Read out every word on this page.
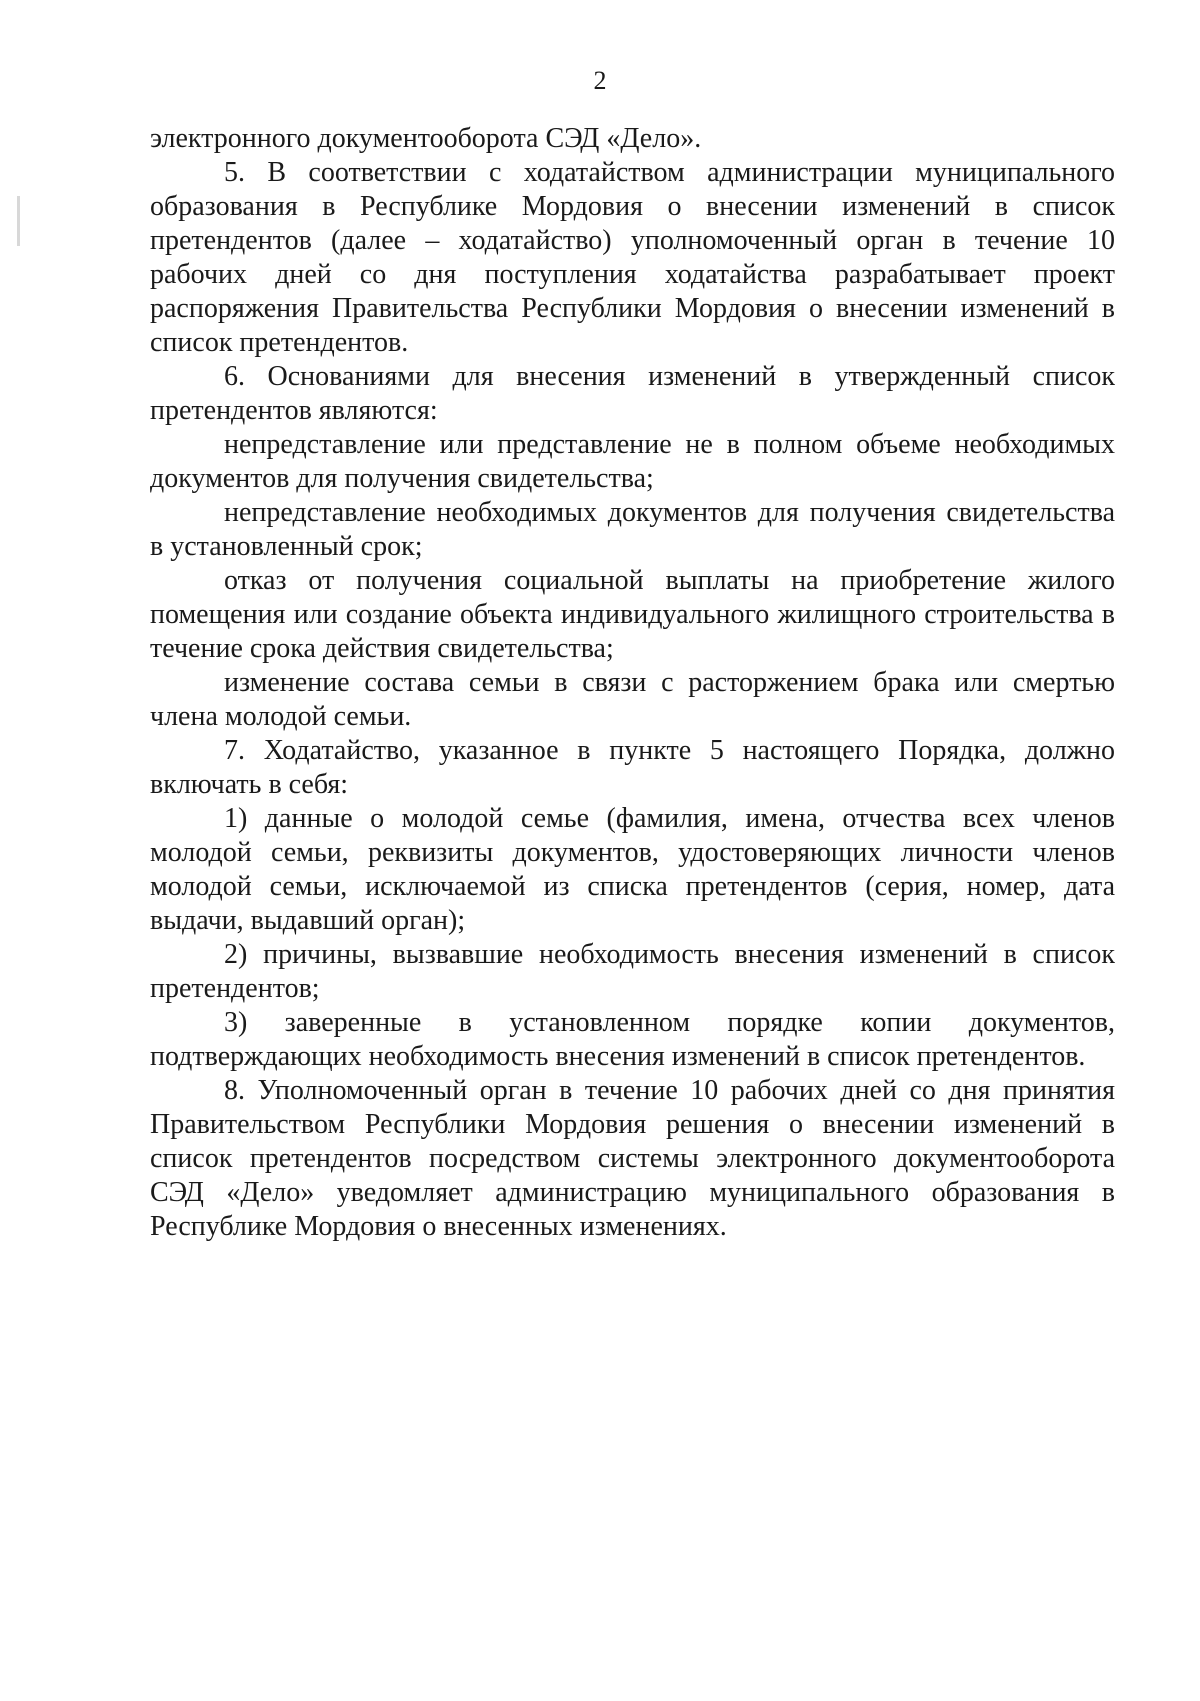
2

электронного документооборота СЭД «Дело».

5. В соответствии с ходатайством администрации муниципального образования в Республике Мордовия о внесении изменений в список претендентов (далее – ходатайство) уполномоченный орган в течение 10 рабочих дней со дня поступления ходатайства разрабатывает проект распоряжения Правительства Республики Мордовия о внесении изменений в список претендентов.

6. Основаниями для внесения изменений в утвержденный список претендентов являются:

непредставление или представление не в полном объеме необходимых документов для получения свидетельства;

непредставление необходимых документов для получения свидетельства в установленный срок;

отказ от получения социальной выплаты на приобретение жилого помещения или создание объекта индивидуального жилищного строительства в течение срока действия свидетельства;

изменение состава семьи в связи с расторжением брака или смертью члена молодой семьи.

7. Ходатайство, указанное в пункте 5 настоящего Порядка, должно включать в себя:

1) данные о молодой семье (фамилия, имена, отчества всех членов молодой семьи, реквизиты документов, удостоверяющих личности членов молодой семьи, исключаемой из списка претендентов (серия, номер, дата выдачи, выдавший орган);

2) причины, вызвавшие необходимость внесения изменений в список претендентов;

3) заверенные в установленном порядке копии документов, подтверждающих необходимость внесения изменений в список претендентов.

8. Уполномоченный орган в течение 10 рабочих дней со дня принятия Правительством Республики Мордовия решения о внесении изменений в список претендентов посредством системы электронного документооборота СЭД «Дело» уведомляет администрацию муниципального образования в Республике Мордовия о внесенных изменениях.
